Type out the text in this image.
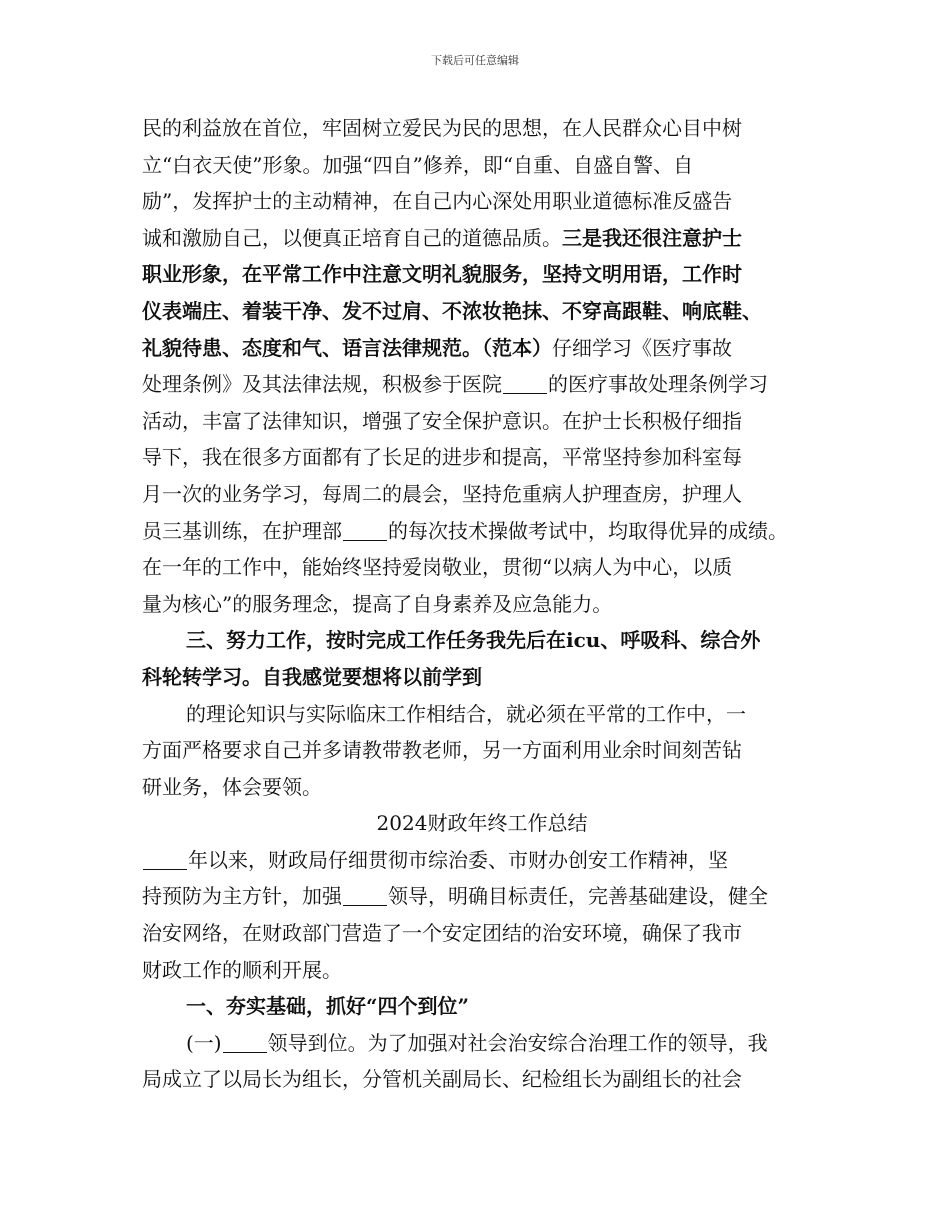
下载后可任意编辑
民的利益放在首位，牢固树立爱民为民的思想，在人民群众心目中树
立“白衣天使”形象。加强“四自”修养，即“自重、自盛自警、自
励”，发挥护士的主动精神，在自己内心深处用职业道德标准反盛告
诚和激励自己，以便真正培育自己的道德品质。三是我还很注意护士
职业形象，在平常工作中注意文明礼貌服务，坚持文明用语，工作时
仪表端庄、着装干净、发不过肩、不浓妆艳抹、不穿高跟鞋、响底鞋、
礼貌待患、态度和气、语言法律规范。（范本）仔细学习《医疗事故
处理条例》及其法律法规，积极参于医院 的医疗事故处理条例学习
活动，丰富了法律知识，增强了安全保护意识。在护士长积极仔细指
导下，我在很多方面都有了长足的进步和提高，平常坚持参加科室每
月一次的业务学习，每周二的晨会，坚持危重病人护理查房，护理人
员三基训练，在护理部 的每次技术操做考试中，均取得优异的成绩。
在一年的工作中，能始终坚持爱岗敬业，贯彻“以病人为中心，以质
量为核心”的服务理念，提高了自身素养及应急能力。
三、努力工作，按时完成工作任务我先后在icu、呼吸科、综合外
科轮转学习。自我感觉要想将以前学到
的理论知识与实际临床工作相结合，就必须在平常的工作中，一
方面严格要求自己并多请教带教老师，另一方面利用业余时间刻苦钻
研业务，体会要领。
2024财政年终工作总结
年以来，财政局仔细贯彻市综治委、市财办创安工作精神，坚
持预防为主方针，加强 领导，明确目标责任，完善基础建设，健全
治安网络，在财政部门营造了一个安定团结的治安环境，确保了我市
财政工作的顺利开展。
一、夯实基础，抓好“四个到位”
(一) 领导到位。为了加强对社会治安综合治理工作的领导，我
局成立了以局长为组长，分管机关副局长、纪检组长为副组长的社会
